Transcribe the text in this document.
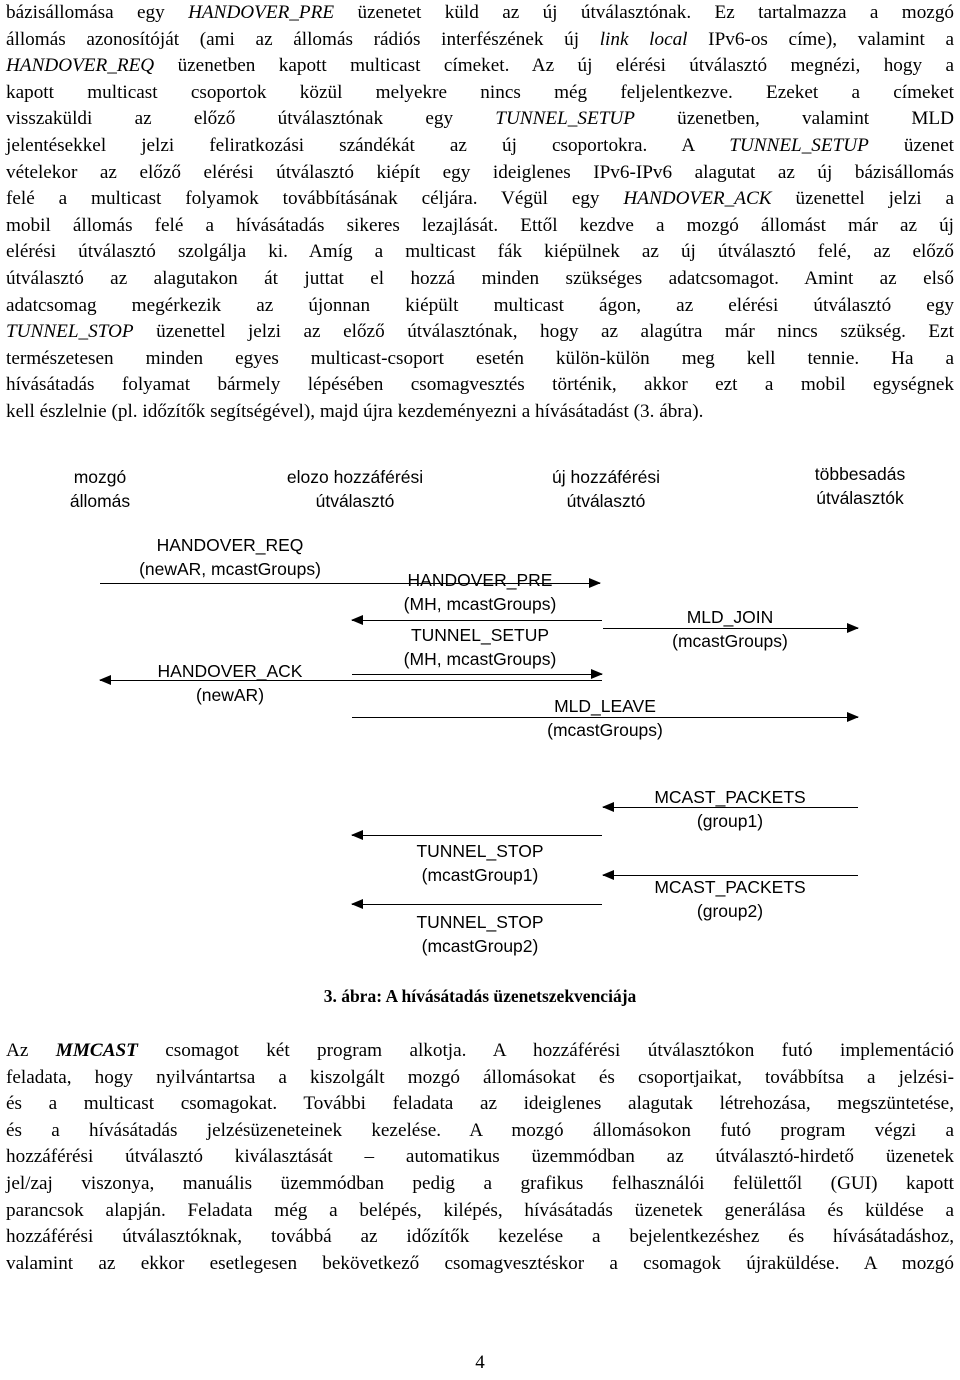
bázisállomása egy HANDOVER_PRE üzenetet küld az új útválasztónak. Ez tartalmazza a mozgó
állomás azonosítóját (ami az állomás rádiós interfészének új link local IPv6-os címe), valamint a
HANDOVER_REQ üzenetben kapott multicast címeket. Az új elérési útválasztó megnézi, hogy a
kapott multicast csoportok közül melyekre nincs még feljelentkezve. Ezeket a címeket
visszaküldi az előző útválasztónak egy TUNNEL_SETUP üzenetben, valamint MLD
jelentésekkel jelzi feliratkozási szándékát az új csoportokra. A TUNNEL_SETUP üzenet
vételekor az előző elérési útválasztó kiépít egy ideiglenes IPv6-IPv6 alagutat az új bázisállomás
felé a multicast folyamok továbbításának céljára. Végül egy HANDOVER_ACK üzenettel jelzi a
mobil állomás felé a hívásátadás sikeres lezajlását. Ettől kezdve a mozgó állomást már az új
elérési útválasztó szolgálja ki. Amíg a multicast fák kiépülnek az új útválasztó felé, az előző
útválasztó az alagutakon át juttat el hozzá minden szükséges adatcsomagot. Amint az első
adatcsomag megérkezik az újonnan kiépült multicast ágon, az elérési útválasztó egy
TUNNEL_STOP üzenettel jelzi az előző útválasztónak, hogy az alagútra már nincs szükség. Ezt
természetesen minden egyes multicast-csoport esetén külön-külön meg kell tennie. Ha a
hívásátadás folyamat bármely lépésében csomagvesztés történik, akkor ezt a mobil egységnek
kell észlelnie (pl. időzítők segítségével), majd újra kezdeményezni a hívásátadást (3. ábra).
mozgó
állomás
elozo hozzáférési
útválasztó
új hozzáférési
útválasztó
többesadás
útválasztók
HANDOVER_REQ
(newAR, mcastGroups)
HANDOVER_PRE
(MH, mcastGroups)
MLD_JOIN
(mcastGroups)
TUNNEL_SETUP
(MH, mcastGroups)
HANDOVER_ACK
(newAR)
MLD_LEAVE
(mcastGroups)
MCAST_PACKETS
(group1)
TUNNEL_STOP
(mcastGroup1)
MCAST_PACKETS
(group2)
TUNNEL_STOP
(mcastGroup2)
3. ábra: A hívásátadás üzenetszekvenciája
Az MMCAST csomagot két program alkotja. A hozzáférési útválasztókon futó implementáció
feladata, hogy nyilvántartsa a kiszolgált mozgó állomásokat és csoportjaikat, továbbítsa a jelzési-
és a multicast csomagokat. További feladata az ideiglenes alagutak létrehozása, megszüntetése,
és a hívásátadás jelzésüzeneteinek kezelése. A mozgó állomásokon futó program végzi a
hozzáférési útválasztó kiválasztását – automatikus üzemmódban az útválasztó-hirdető üzenetek
jel/zaj viszonya, manuális üzemmódban pedig a grafikus felhasználói felülettől (GUI) kapott
parancsok alapján. Feladata még a belépés, kilépés, hívásátadás üzenetek generálása és küldése a
hozzáférési útválasztóknak, továbbá az időzítők kezelése a bejelentkezéshez és hívásátadáshoz,
valamint az ekkor esetlegesen bekövetkező csomagvesztéskor a csomagok újraküldése. A mozgó
4
